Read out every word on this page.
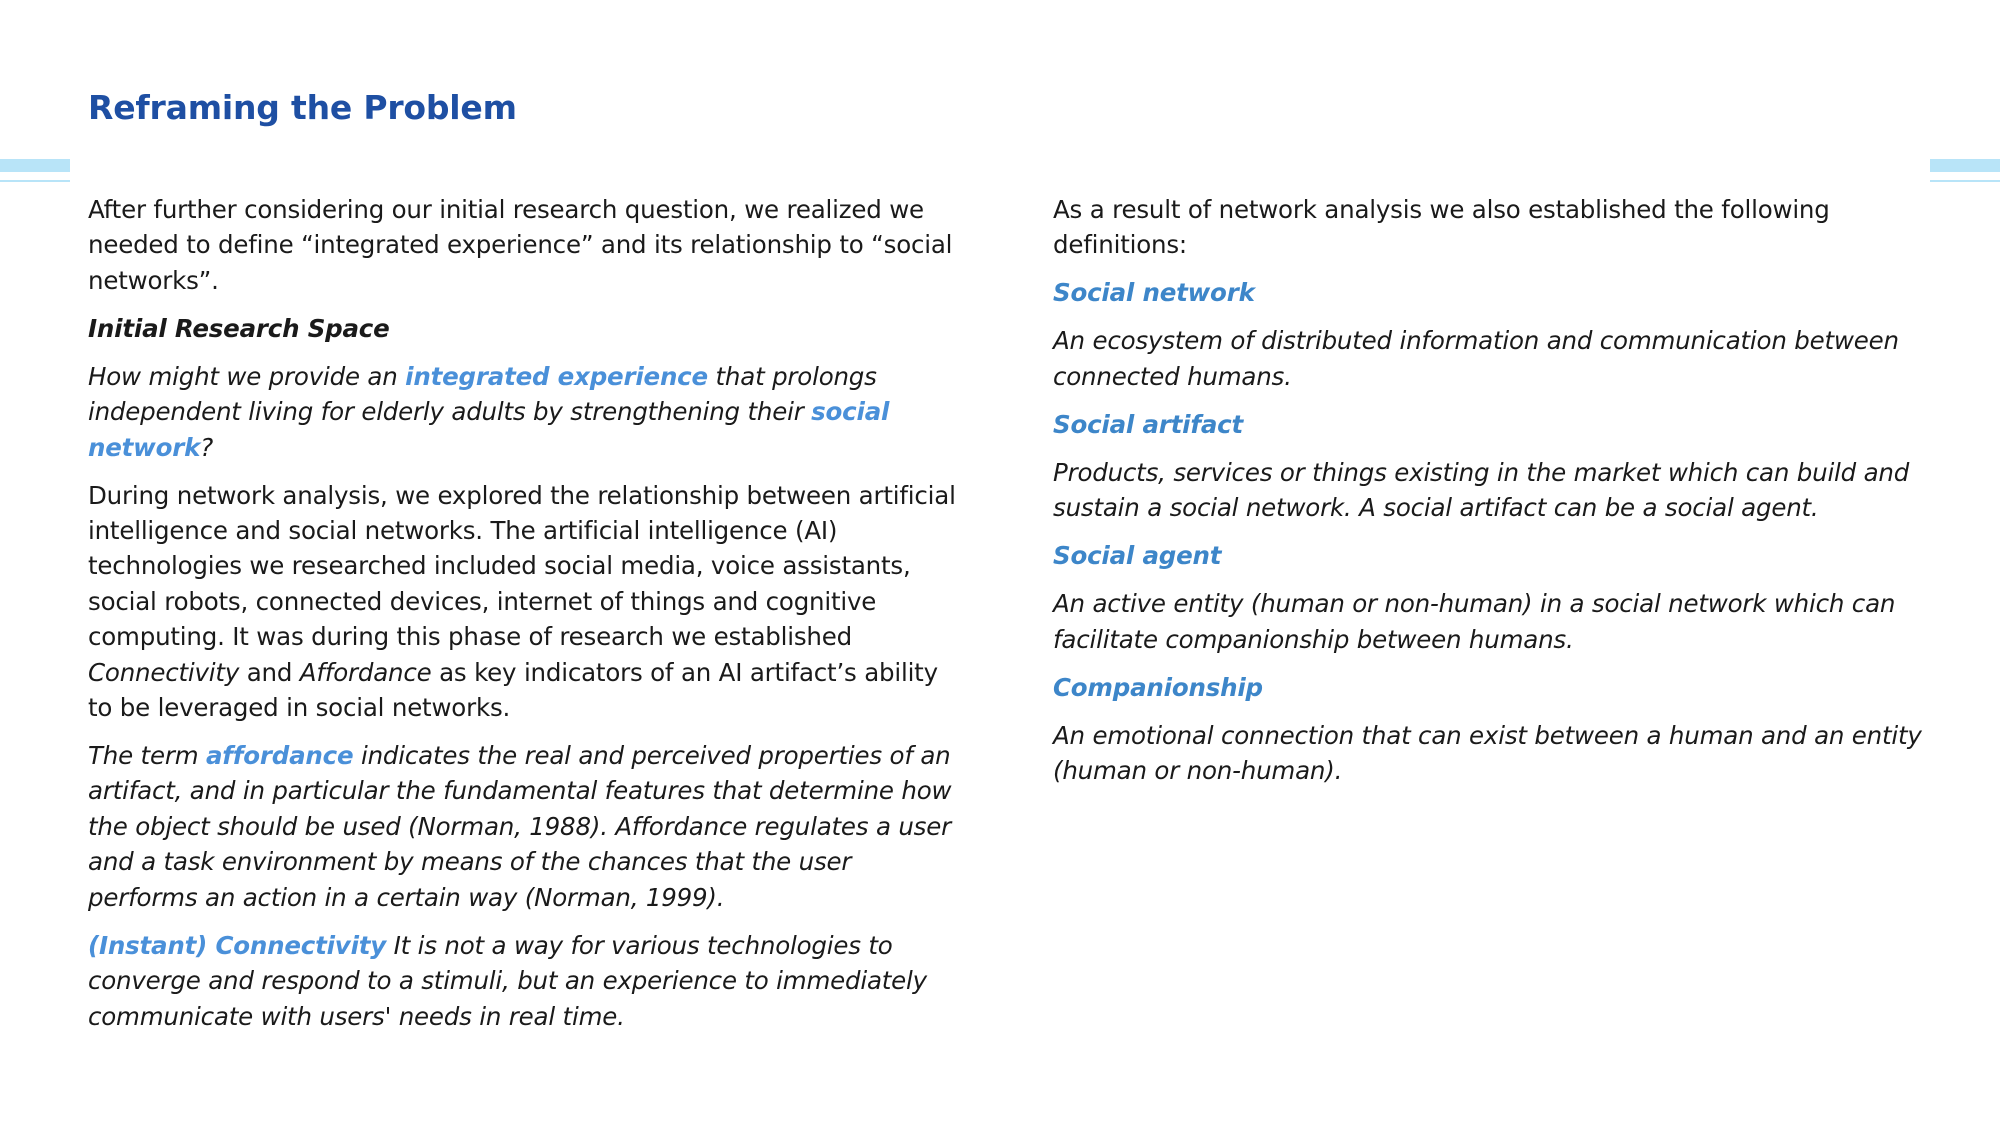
Reframing the Problem

After further considering our initial research question, we realized we needed to define “integrated experience” and its relationship to “social networks”.

Initial Research Space

How might we provide an integrated experience that prolongs independent living for elderly adults by strengthening their social network?

During network analysis, we explored the relationship between artificial intelligence and social networks. The artificial intelligence (AI) technologies we researched included social media, voice assistants, social robots, connected devices, internet of things and cognitive computing. It was during this phase of research we established Connectivity and Affordance as key indicators of an AI artifact’s ability to be leveraged in social networks.

The term affordance indicates the real and perceived properties of an artifact, and in particular the fundamental features that determine how the object should be used (Norman, 1988). Affordance regulates a user and a task environment by means of the chances that the user performs an action in a certain way (Norman, 1999).

(Instant) Connectivity It is not a way for various technologies to converge and respond to a stimuli, but an experience to immediately communicate with users' needs in real time.

As a result of network analysis we also established the following definitions:

Social network

An ecosystem of distributed information and communication between connected humans.

Social artifact

Products, services or things existing in the market which can build and sustain a social network. A social artifact can be a social agent.

Social agent

An active entity (human or non-human) in a social network which can facilitate companionship between humans.

Companionship

An emotional connection that can exist between a human and an entity (human or non-human).
